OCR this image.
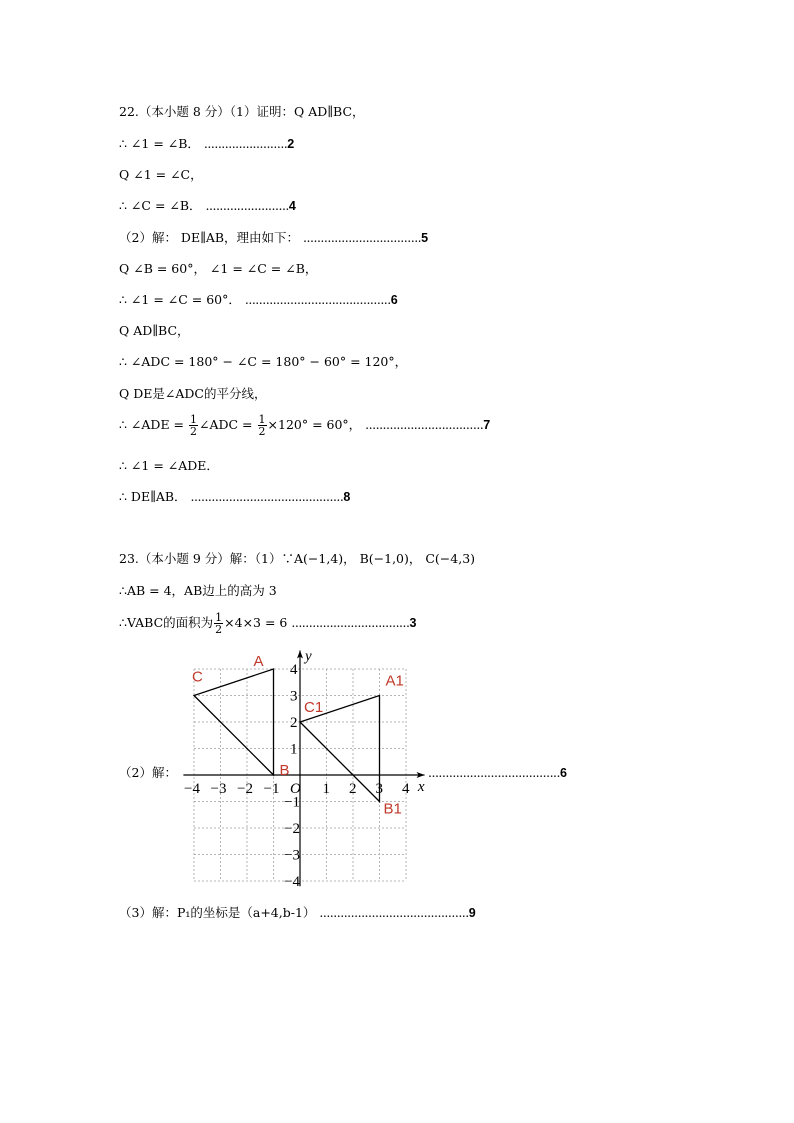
22.（本小题 8 分）（1）证明：Q AD∥BC，
∴ ∠1 = ∠B． ........................2
Q ∠1 = ∠C，
∴ ∠C = ∠B． ........................4
（2）解： DE∥AB，理由如下： ..................................5
Q ∠B = 60°， ∠1 = ∠C = ∠B，
∴ ∠1 = ∠C = 60°． ..........................................6
Q AD∥BC，
∴ ∠ADC = 180° − ∠C = 180° − 60° = 120°，
Q DE是∠ADC的平分线，
∴ ∠ADE = $\frac{1}{2}$ ∠ADC = $\frac{1}{2} \times 120^\circ = 60^\circ$， ..................................7
∴ ∠1 = ∠ADE．
∴ DE∥AB． ............................................8
23.（本小题 9 分）解：（1）∵A(−1,4)， B(−1,0)， C(−4,3)
∴AB = 4，AB边上的高为 3
∴VABC的面积为 $\frac{1}{2} \times 4\times 3 = 6$ ..................................3
（2）解：	......................................6
（3）解：P₁的坐标是（a+4,b-1） ...........................................9
−4 −3 −2 −1 O 1 2 3 4
4
3
2
1
−1
−2
−3
−4
x
y
A
B
C	A1
B1
C1
